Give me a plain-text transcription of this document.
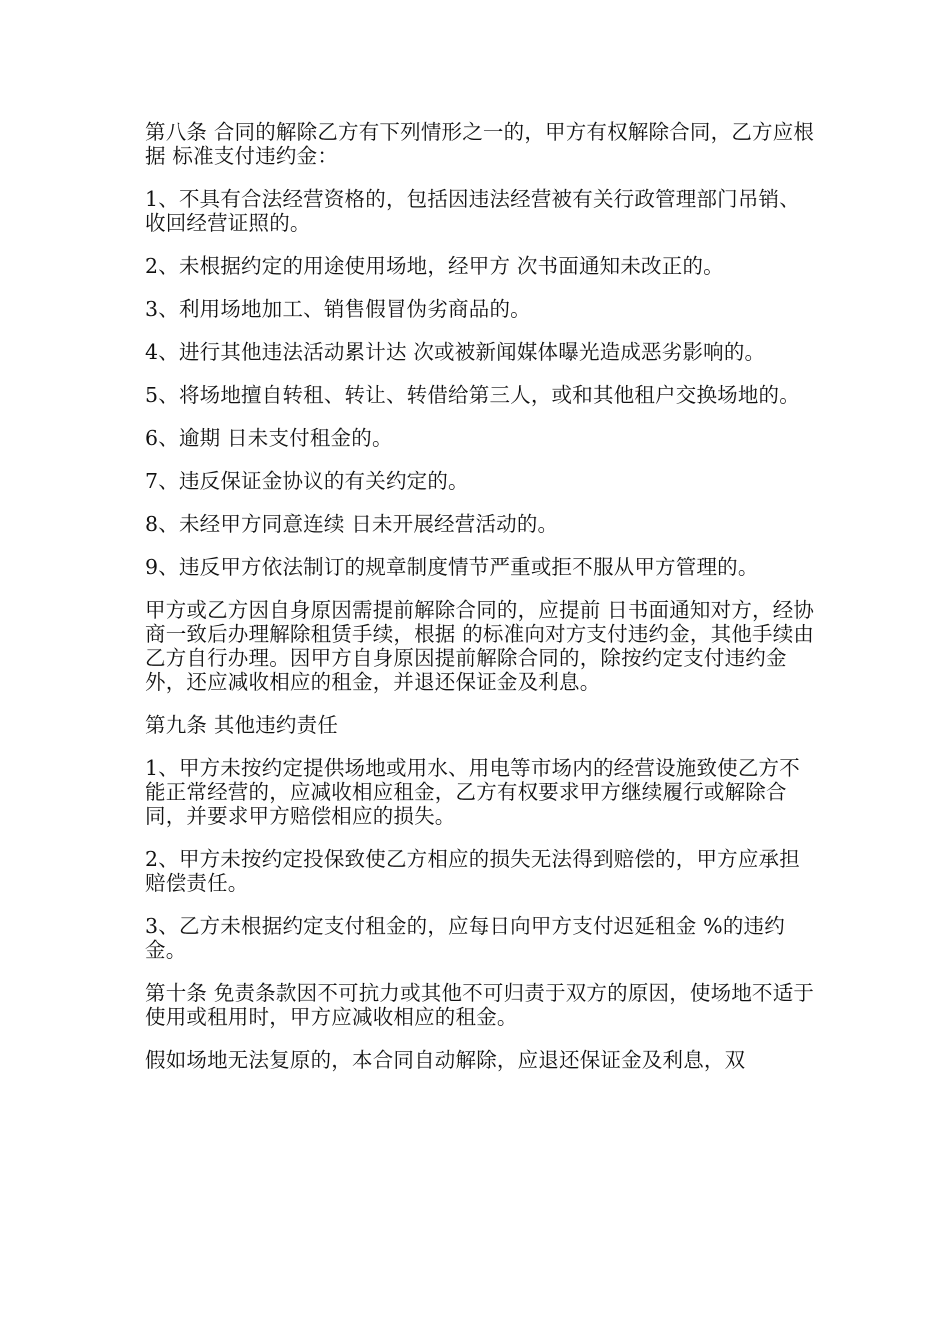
第八条 合同的解除乙方有下列情形之一的，甲方有权解除合同，乙方应根据 标准支付违约金：

1、不具有合法经营资格的，包括因违法经营被有关行政管理部门吊销、收回经营证照的。

2、未根据约定的用途使用场地，经甲方 次书面通知未改正的。

3、利用场地加工、销售假冒伪劣商品的。

4、进行其他违法活动累计达 次或被新闻媒体曝光造成恶劣影响的。

5、将场地擅自转租、转让、转借给第三人，或和其他租户交换场地的。

6、逾期 日未支付租金的。

7、违反保证金协议的有关约定的。

8、未经甲方同意连续 日未开展经营活动的。

9、违反甲方依法制订的规章制度情节严重或拒不服从甲方管理的。

甲方或乙方因自身原因需提前解除合同的，应提前 日书面通知对方，经协商一致后办理解除租赁手续，根据 的标准向对方支付违约金，其他手续由乙方自行办理。因甲方自身原因提前解除合同的，除按约定支付违约金外，还应减收相应的租金，并退还保证金及利息。

第九条 其他违约责任

1、甲方未按约定提供场地或用水、用电等市场内的经营设施致使乙方不能正常经营的，应减收相应租金，乙方有权要求甲方继续履行或解除合同，并要求甲方赔偿相应的损失。

2、甲方未按约定投保致使乙方相应的损失无法得到赔偿的，甲方应承担赔偿责任。

3、乙方未根据约定支付租金的，应每日向甲方支付迟延租金 %的违约金。

第十条 免责条款因不可抗力或其他不可归责于双方的原因，使场地不适于使用或租用时，甲方应减收相应的租金。

假如场地无法复原的，本合同自动解除，应退还保证金及利息，双
